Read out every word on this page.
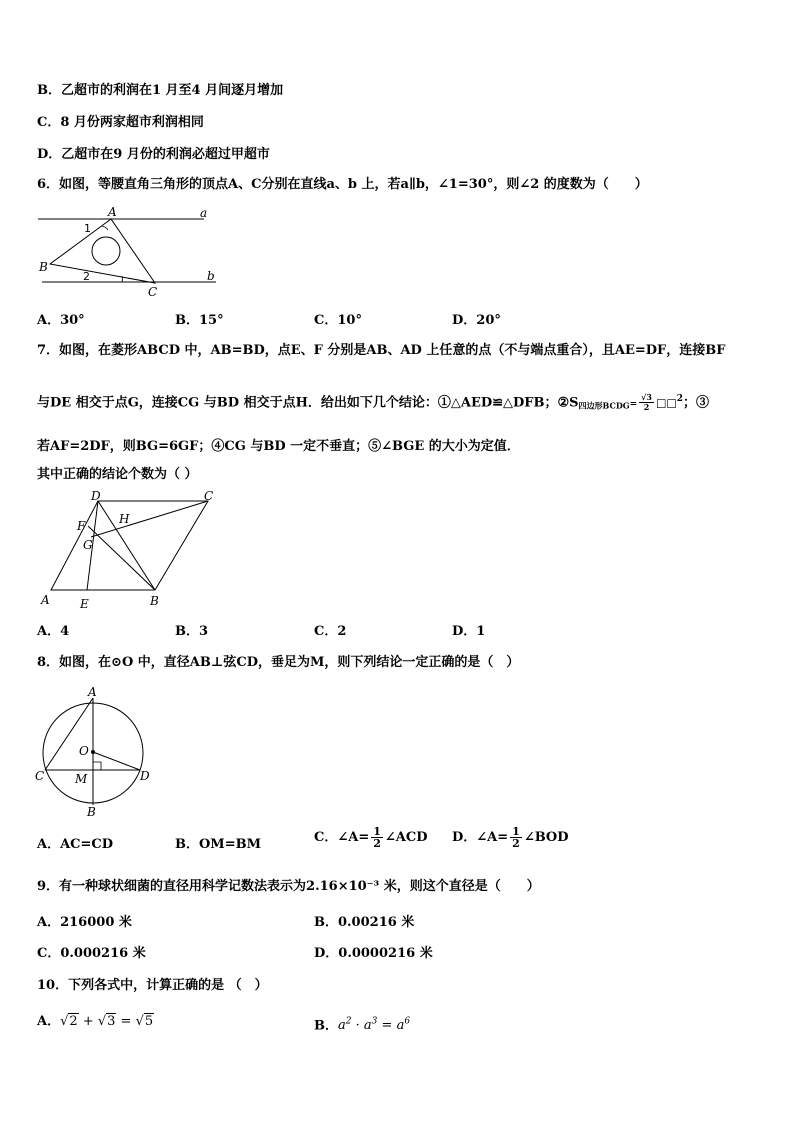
B．乙超市的利润在1 月至4 月间逐月增加
C．8 月份两家超市利润相同
D．乙超市在9 月份的利润必超过甲超市
6．如图，等腰直角三角形的顶点A、C分别在直线a、b 上，若a∥b，∠1=30°，则∠2 的度数为（　　）
A	a
B
C
b
1
2
A．30°	B．15°	C．10°	D．20°
7．如图，在菱形ABCD 中，AB=BD，点E、F 分别是AB、AD 上任意的点（不与端点重合），且AE=DF，连接BF
与DE 相交于点G，连接CG 与BD 相交于点H．给出如下几个结论：①△AED≌△DFB；②S四边形BCDG= $\frac{√3}{2}$ □□$^2$；③
若AF=2DF，则BG=6GF；④CG 与BD 一定不垂直；⑤∠BGE 的大小为定值．
其中正确的结论个数为（ ）
D	C
F	H
G
A	E	B
A．4	B．3	C．2	D．1
8．如图，在⊙O 中，直径AB⊥弦CD，垂足为M，则下列结论一定正确的是（　）
A
O
C	M	D
B
A．AC=CD	B．OM=BM	C．∠A= $\frac{1}{2}$ ∠ACD D．∠A= $\frac{1}{2}$ ∠BOD
9．有一种球状细菌的直径用科学记数法表示为2.16×10⁻³ 米，则这个直径是（　　）
A．216000 米	B．0.00216 米
C．0.000216 米	D．0.0000216 米
10．下列各式中，计算正确的是 （　）
A．√2 + √3 = √5	B．$a^2 \cdot a^3 = a^6$
